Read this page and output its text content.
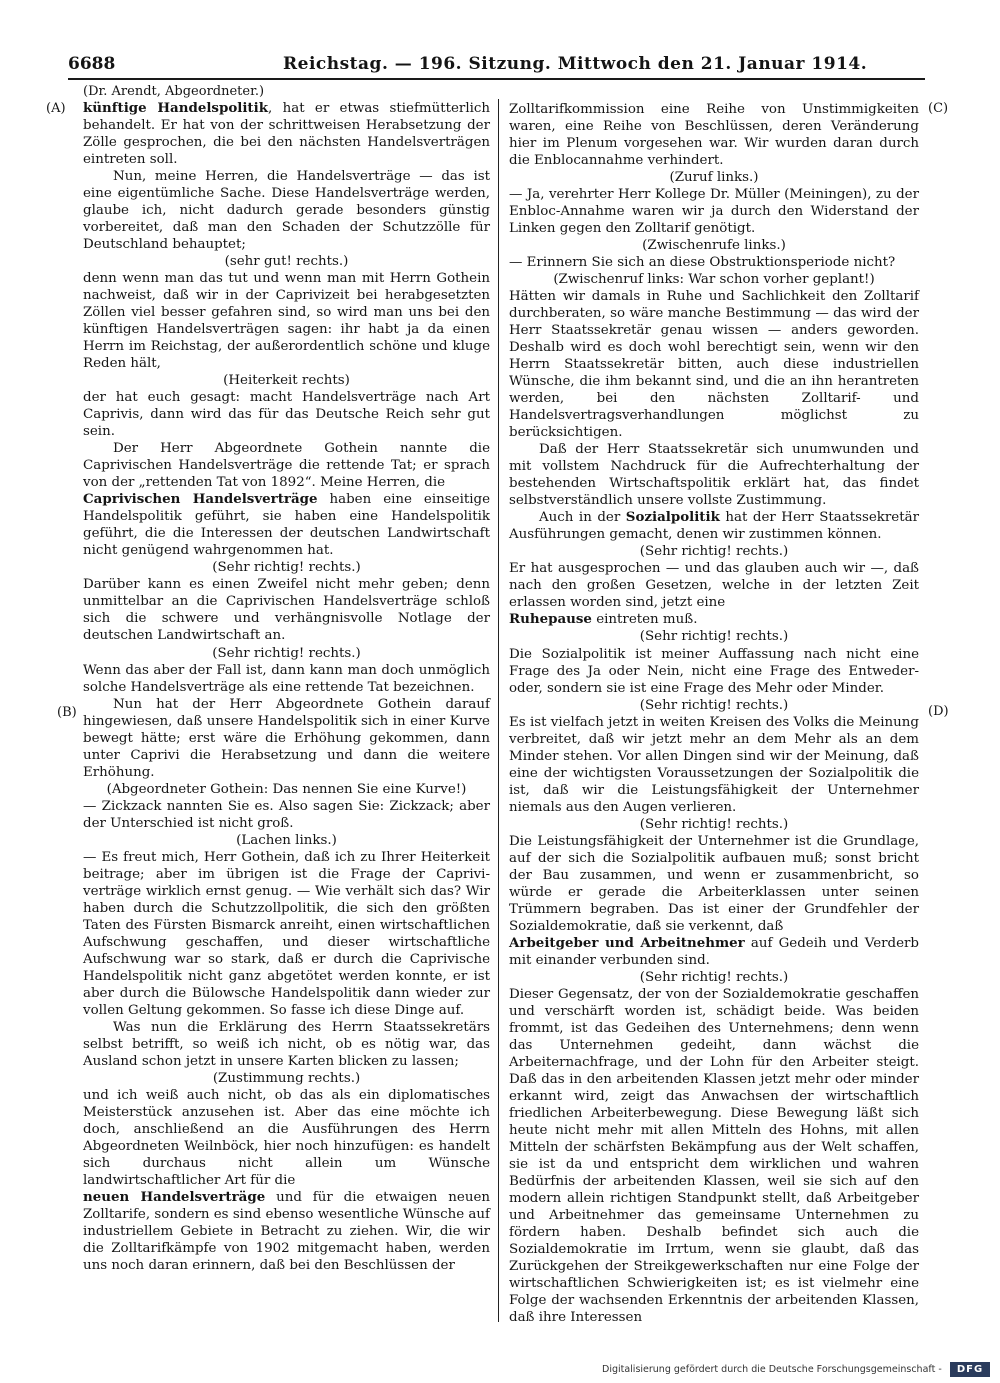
6688	Reichstag. — 196. Sitzung. Mittwoch den 21. Januar 1914.
(Dr. Arendt, Abgeordneter.)
(A)
(B)
(C)
(D)

künftige Handelspolitik, hat er etwas stiefmütterlich behandelt. Er hat von der schrittweisen Herabsetzung der Zölle gesprochen, die bei den nächsten Handelsverträgen eintreten soll.

Nun, meine Herren, die Handelsverträge — das ist eine eigentümliche Sache. Diese Handelsverträge werden, glaube ich, nicht dadurch gerade besonders günstig vorbereitet, daß man den Schaden der Schutzzölle für Deutschland behauptet;

(sehr gut! rechts.)

denn wenn man das tut und wenn man mit Herrn Gothein nachweist, daß wir in der Caprivizeit bei herabgesetzten Zöllen viel besser gefahren sind, so wird man uns bei den künftigen Handelsverträgen sagen: ihr habt ja da einen Herrn im Reichstag, der außerordentlich schöne und kluge Reden hält,

(Heiterkeit rechts)

der hat euch gesagt: macht Handelsverträge nach Art Caprivis, dann wird das für das Deutsche Reich sehr gut sein.

Der Herr Abgeordnete Gothein nannte die Caprivischen Handelsverträge die rettende Tat; er sprach von der „rettenden Tat von 1892“. Meine Herren, die

Caprivischen Handelsverträge haben eine einseitige Handelspolitik geführt, sie haben eine Handelspolitik geführt, die die Interessen der deutschen Landwirtschaft nicht genügend wahrgenommen hat.

(Sehr richtig! rechts.)

Darüber kann es einen Zweifel nicht mehr geben; denn unmittelbar an die Caprivischen Handelsverträge schloß sich die schwere und verhängnisvolle Notlage der deutschen Landwirtschaft an.

(Sehr richtig! rechts.)

Wenn das aber der Fall ist, dann kann man doch unmöglich solche Handelsverträge als eine rettende Tat bezeichnen.

Nun hat der Herr Abgeordnete Gothein darauf hingewiesen, daß unsere Handelspolitik sich in einer Kurve bewegt hätte; erst wäre die Erhöhung gekommen, dann unter Caprivi die Herabsetzung und dann die weitere Erhöhung.

(Abgeordneter Gothein: Das nennen Sie eine Kurve!)

— Zickzack nannten Sie es. Also sagen Sie: Zickzack; aber der Unterschied ist nicht groß.

(Lachen links.)

— Es freut mich, Herr Gothein, daß ich zu Ihrer Heiterkeit beitrage; aber im übrigen ist die Frage der Caprivi-verträge wirklich ernst genug. — Wie verhält sich das? Wir haben durch die Schutzzollpolitik, die sich den größten Taten des Fürsten Bismarck anreiht, einen wirtschaftlichen Aufschwung geschaffen, und dieser wirtschaftliche Aufschwung war so stark, daß er durch die Caprivische Handelspolitik nicht ganz abgetötet werden konnte, er ist aber durch die Bülowsche Handelspolitik dann wieder zur vollen Geltung gekommen. So fasse ich diese Dinge auf.

Was nun die Erklärung des Herrn Staatssekretärs selbst betrifft, so weiß ich nicht, ob es nötig war, das Ausland schon jetzt in unsere Karten blicken zu lassen;

(Zustimmung rechts.)

und ich weiß auch nicht, ob das als ein diplomatisches Meisterstück anzusehen ist. Aber das eine möchte ich doch, anschließend an die Ausführungen des Herrn Abgeordneten Weilnböck, hier noch hinzufügen: es handelt sich durchaus nicht allein um Wünsche landwirtschaftlicher Art für die

neuen Handelsverträge und für die etwaigen neuen Zolltarife, sondern es sind ebenso wesentliche Wünsche auf industriellem Gebiete in Betracht zu ziehen. Wir, die wir die Zolltarifkämpfe von 1902 mitgemacht haben, werden uns noch daran erinnern, daß bei den Beschlüssen der

Zolltarifkommission eine Reihe von Unstimmigkeiten waren, eine Reihe von Beschlüssen, deren Veränderung hier im Plenum vorgesehen war. Wir wurden daran durch die Enblocannahme verhindert.

(Zuruf links.)

— Ja, verehrter Herr Kollege Dr. Müller (Meiningen), zu der Enbloc-Annahme waren wir ja durch den Widerstand der Linken gegen den Zolltarif genötigt.

(Zwischenrufe links.)

— Erinnern Sie sich an diese Obstruktionsperiode nicht?

(Zwischenruf links: War schon vorher geplant!)

Hätten wir damals in Ruhe und Sachlichkeit den Zolltarif durchberaten, so wäre manche Bestimmung — das wird der Herr Staatssekretär genau wissen — anders geworden. Deshalb wird es doch wohl berechtigt sein, wenn wir den Herrn Staatssekretär bitten, auch diese industriellen Wünsche, die ihm bekannt sind, und die an ihn herantreten werden, bei den nächsten Zolltarif- und Handelsvertragsverhandlungen möglichst zu berücksichtigen.

Daß der Herr Staatssekretär sich unumwunden und mit vollstem Nachdruck für die Aufrechterhaltung der bestehenden Wirtschaftspolitik erklärt hat, das findet selbstverständlich unsere vollste Zustimmung.

Auch in der Sozialpolitik hat der Herr Staatssekretär Ausführungen gemacht, denen wir zustimmen können.

(Sehr richtig! rechts.)

Er hat ausgesprochen — und das glauben auch wir —, daß nach den großen Gesetzen, welche in der letzten Zeit erlassen worden sind, jetzt eine

Ruhepause eintreten muß.

(Sehr richtig! rechts.)

Die Sozialpolitik ist meiner Auffassung nach nicht eine Frage des Ja oder Nein, nicht eine Frage des Entweder-oder, sondern sie ist eine Frage des Mehr oder Minder.

(Sehr richtig! rechts.)

Es ist vielfach jetzt in weiten Kreisen des Volks die Meinung verbreitet, daß wir jetzt mehr an dem Mehr als an dem Minder stehen. Vor allen Dingen sind wir der Meinung, daß eine der wichtigsten Voraussetzungen der Sozialpolitik die ist, daß wir die Leistungsfähigkeit der Unternehmer niemals aus den Augen verlieren.

(Sehr richtig! rechts.)

Die Leistungsfähigkeit der Unternehmer ist die Grundlage, auf der sich die Sozialpolitik aufbauen muß; sonst bricht der Bau zusammen, und wenn er zusammenbricht, so würde er gerade die Arbeiterklassen unter seinen Trümmern begraben. Das ist einer der Grundfehler der Sozialdemokratie, daß sie verkennt, daß

Arbeitgeber und Arbeitnehmer auf Gedeih und Verderb mit einander verbunden sind.

(Sehr richtig! rechts.)

Dieser Gegensatz, der von der Sozialdemokratie geschaffen und verschärft worden ist, schädigt beide. Was beiden frommt, ist das Gedeihen des Unternehmens; denn wenn das Unternehmen gedeiht, dann wächst die Arbeiternachfrage, und der Lohn für den Arbeiter steigt. Daß das in den arbeitenden Klassen jetzt mehr oder minder erkannt wird, zeigt das Anwachsen der wirtschaftlich friedlichen Arbeiterbewegung. Diese Bewegung läßt sich heute nicht mehr mit allen Mitteln des Hohns, mit allen Mitteln der schärfsten Bekämpfung aus der Welt schaffen, sie ist da und entspricht dem wirklichen und wahren Bedürfnis der arbeitenden Klassen, weil sie sich auf den modern allein richtigen Standpunkt stellt, daß Arbeitgeber und Arbeitnehmer das gemeinsame Unternehmen zu fördern haben. Deshalb befindet sich auch die Sozialdemokratie im Irrtum, wenn sie glaubt, daß das Zurückgehen der Streikgewerkschaften nur eine Folge der wirtschaftlichen Schwierigkeiten ist; es ist vielmehr eine Folge der wachsenden Erkenntnis der arbeitenden Klassen, daß ihre Interessen

Digitalisierung gefördert durch die Deutsche Forschungsgemeinschaft -	DFG
